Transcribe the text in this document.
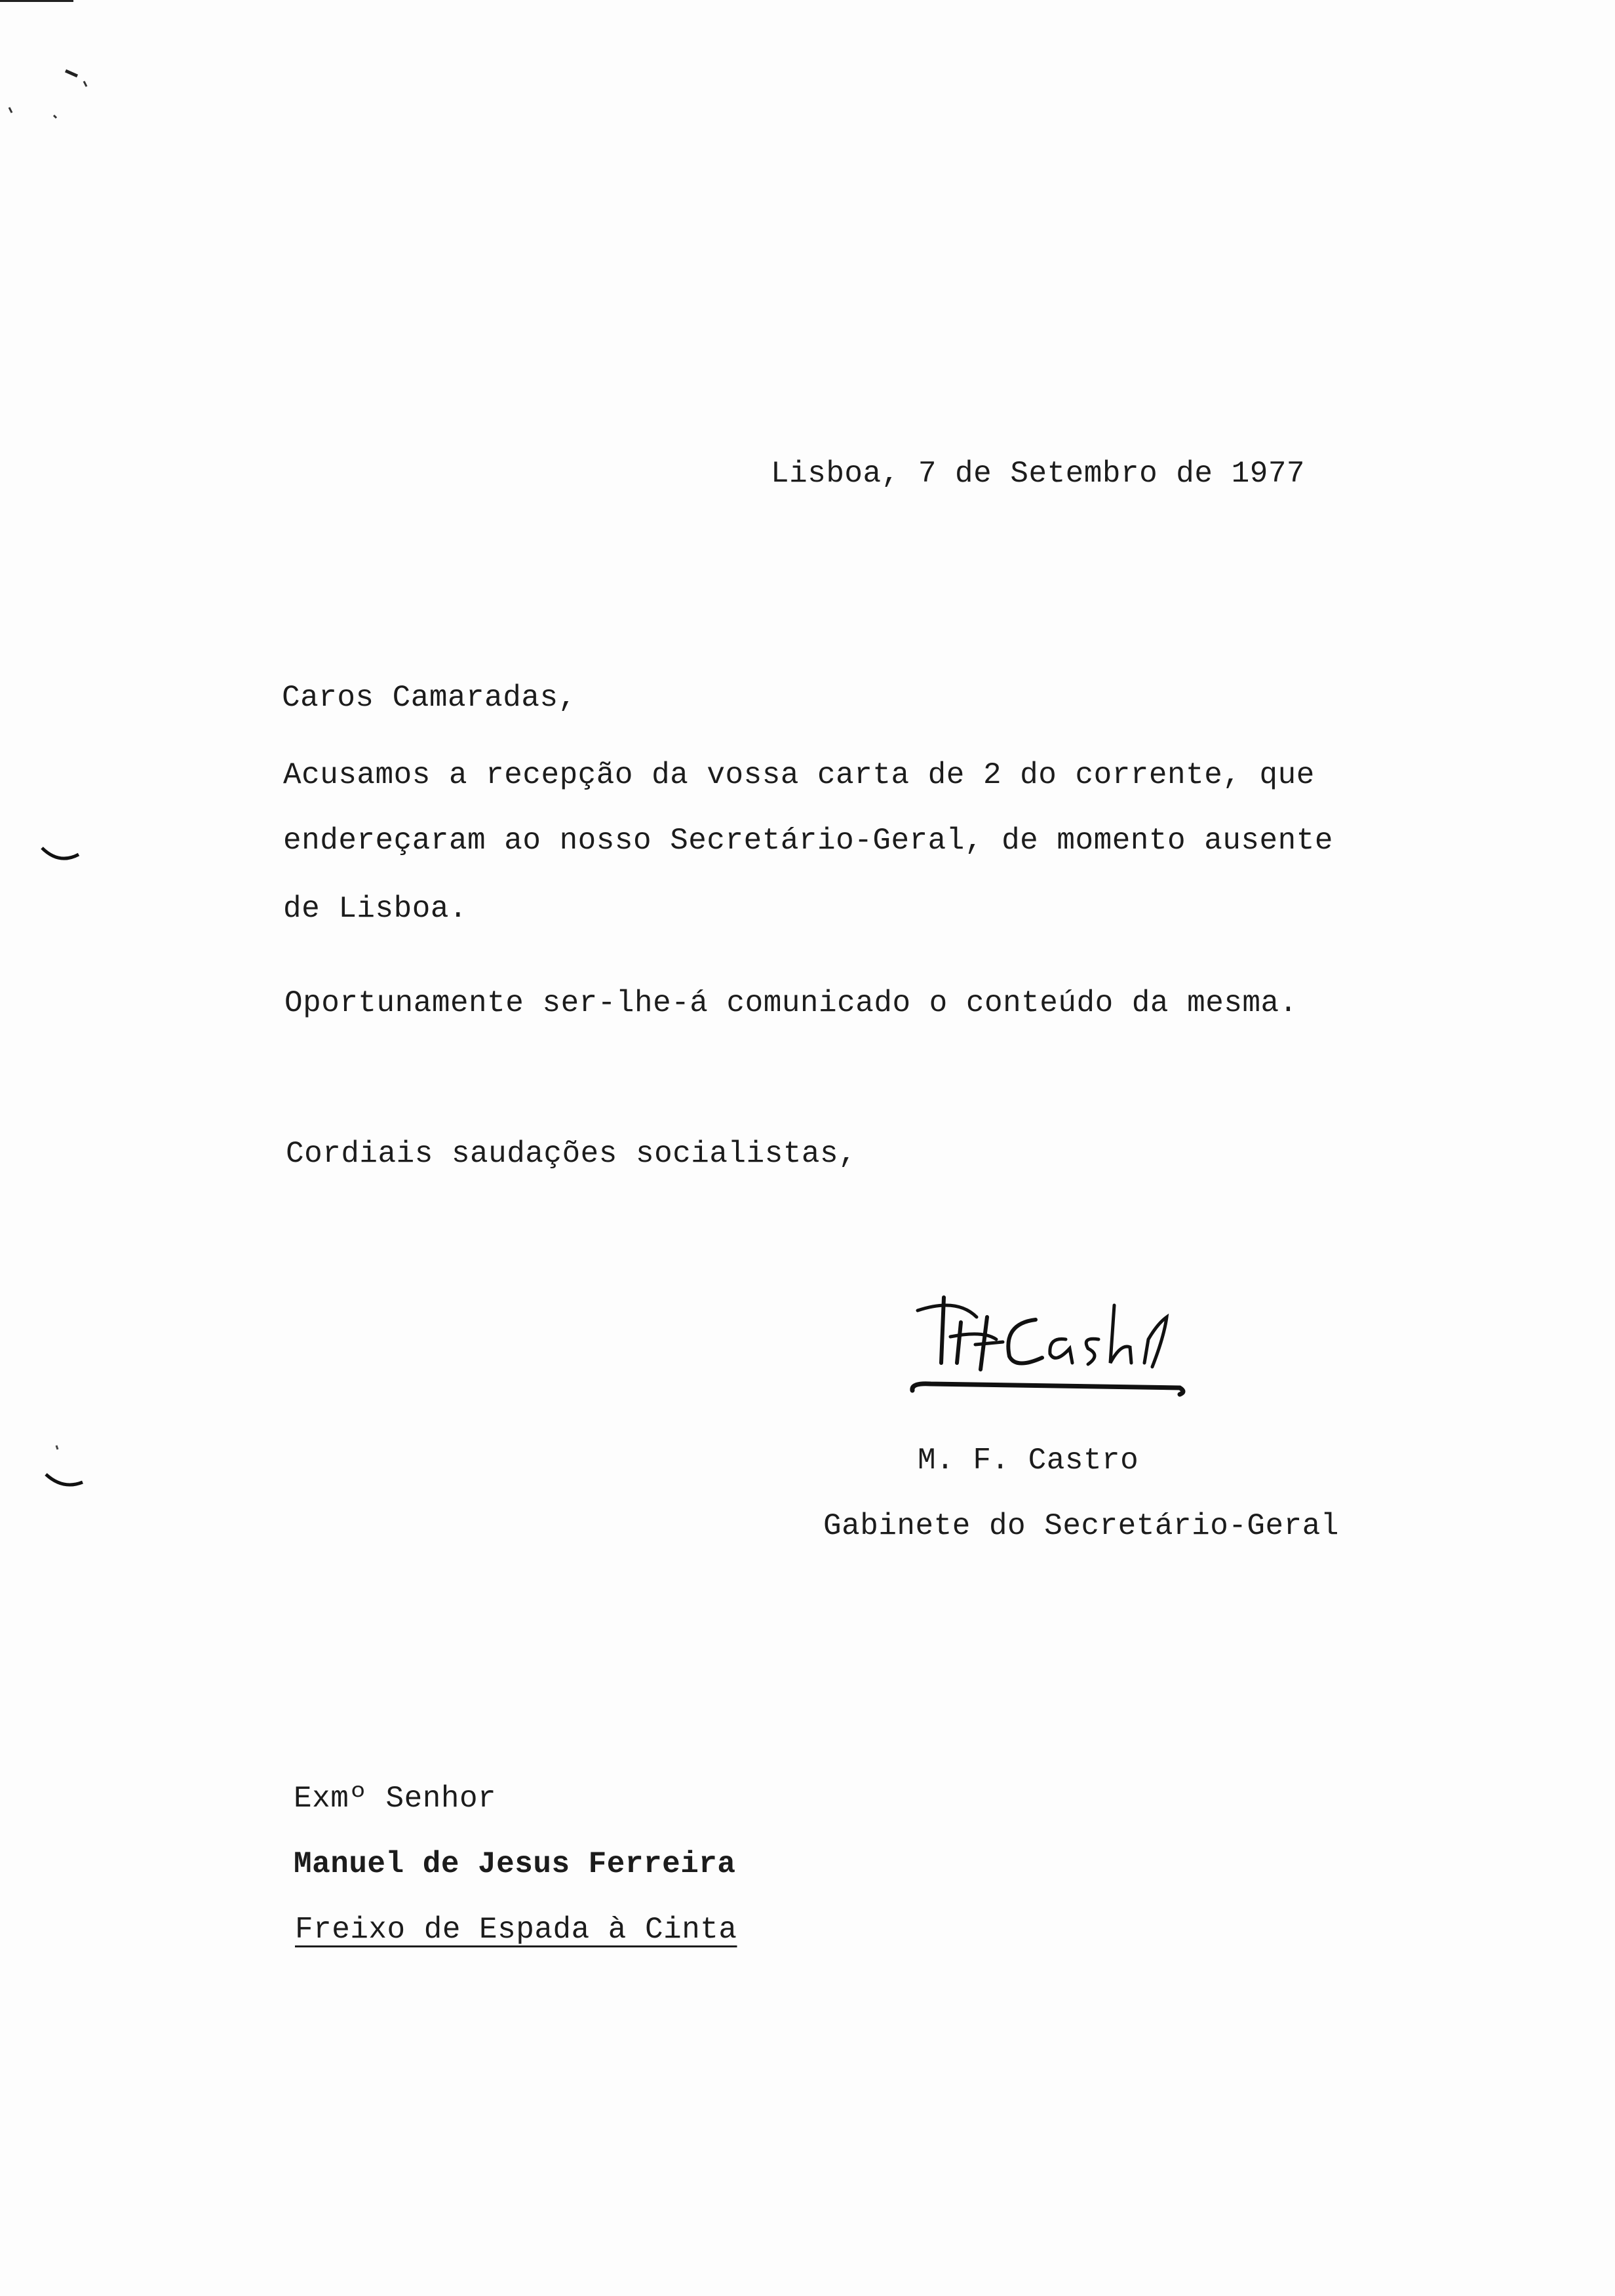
Lisboa, 7 de Setembro de 1977
Caros Camaradas,
Acusamos a recepção da vossa carta de 2 do corrente, que
endereçaram ao nosso Secretário-Geral, de momento ausente
de Lisboa.
Oportunamente ser-lhe-á comunicado o conteúdo da mesma.
Cordiais saudações socialistas,
M. F. Castro
Gabinete do Secretário-Geral
Exmº Senhor
Manuel de Jesus Ferreira
Freixo de Espada à Cinta
